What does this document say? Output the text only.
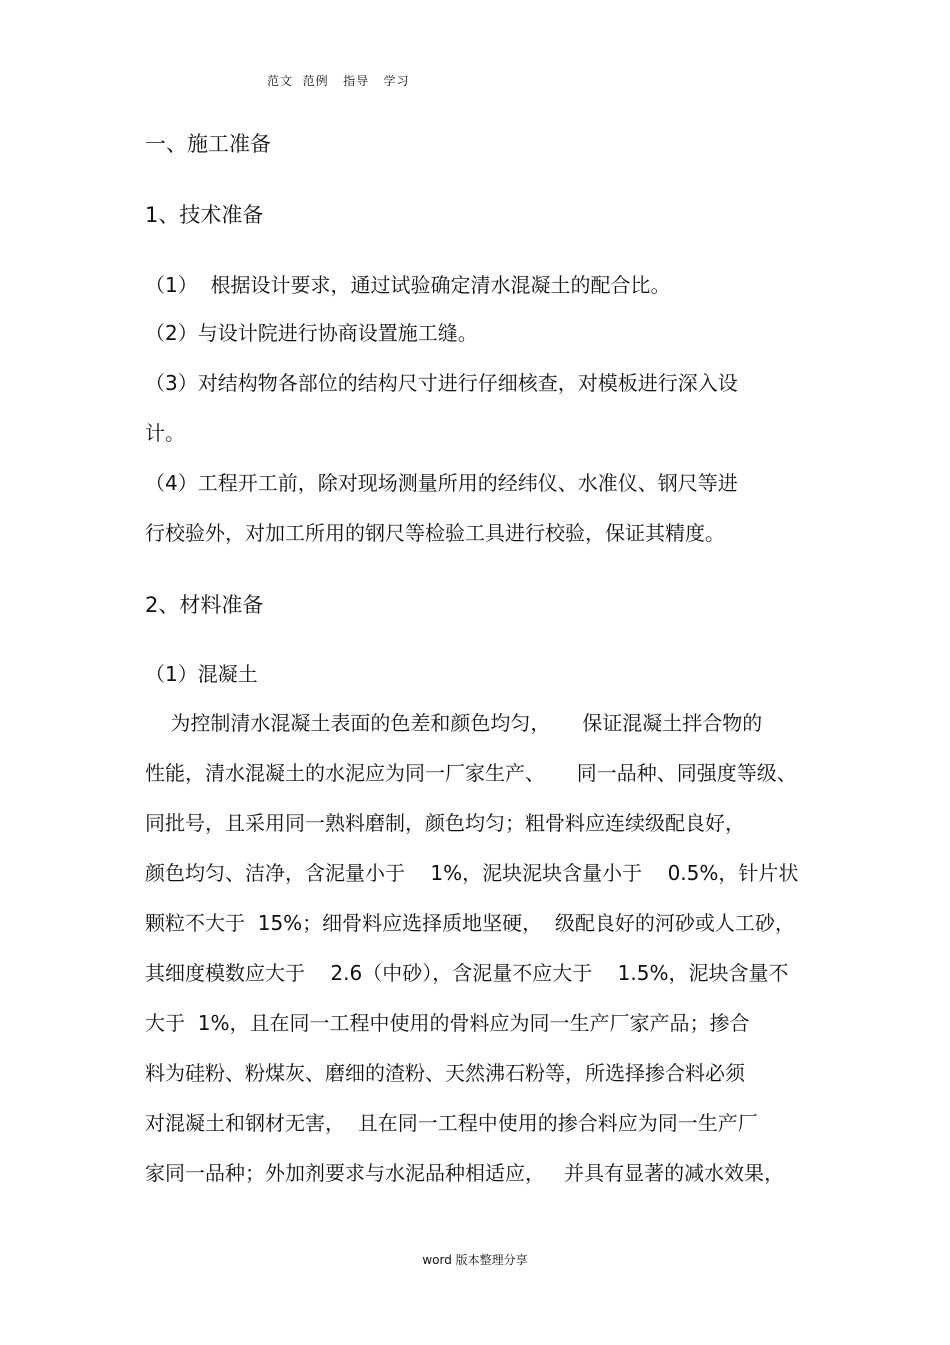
范文  范例   指导   学习
一、施工准备
1、技术准备
（1）  根据设计要求，通过试验确定清水混凝土的配合比。
（2）与设计院进行协商设置施工缝。
（3）对结构物各部位的结构尺寸进行仔细核查，对模板进行深入设
计。
（4）工程开工前，除对现场测量所用的经纬仪、水准仪、钢尺等进
行校验外，对加工所用的钢尺等检验工具进行校验，保证其精度。
2、材料准备
（1）混凝土
为控制清水混凝土表面的色差和颜色均匀，     保证混凝土拌合物的
性能，清水混凝土的水泥应为同一厂家生产、     同一品种、同强度等级、
同批号，且采用同一熟料磨制，颜色均匀；粗骨料应连续级配良好，
颜色均匀、洁净，含泥量小于    1%，泥块泥块含量小于    0.5%，针片状
颗粒不大于  15%；细骨料应选择质地坚硬，  级配良好的河砂或人工砂，
其细度模数应大于    2.6（中砂），含泥量不应大于    1.5%，泥块含量不
大于  1%，且在同一工程中使用的骨料应为同一生产厂家产品；掺合
料为硅粉、粉煤灰、磨细的渣粉、天然沸石粉等，所选择掺合料必须
对混凝土和钢材无害，  且在同一工程中使用的掺合料应为同一生产厂
家同一品种；外加剂要求与水泥品种相适应，   并具有显著的减水效果，
word 版本整理分享
